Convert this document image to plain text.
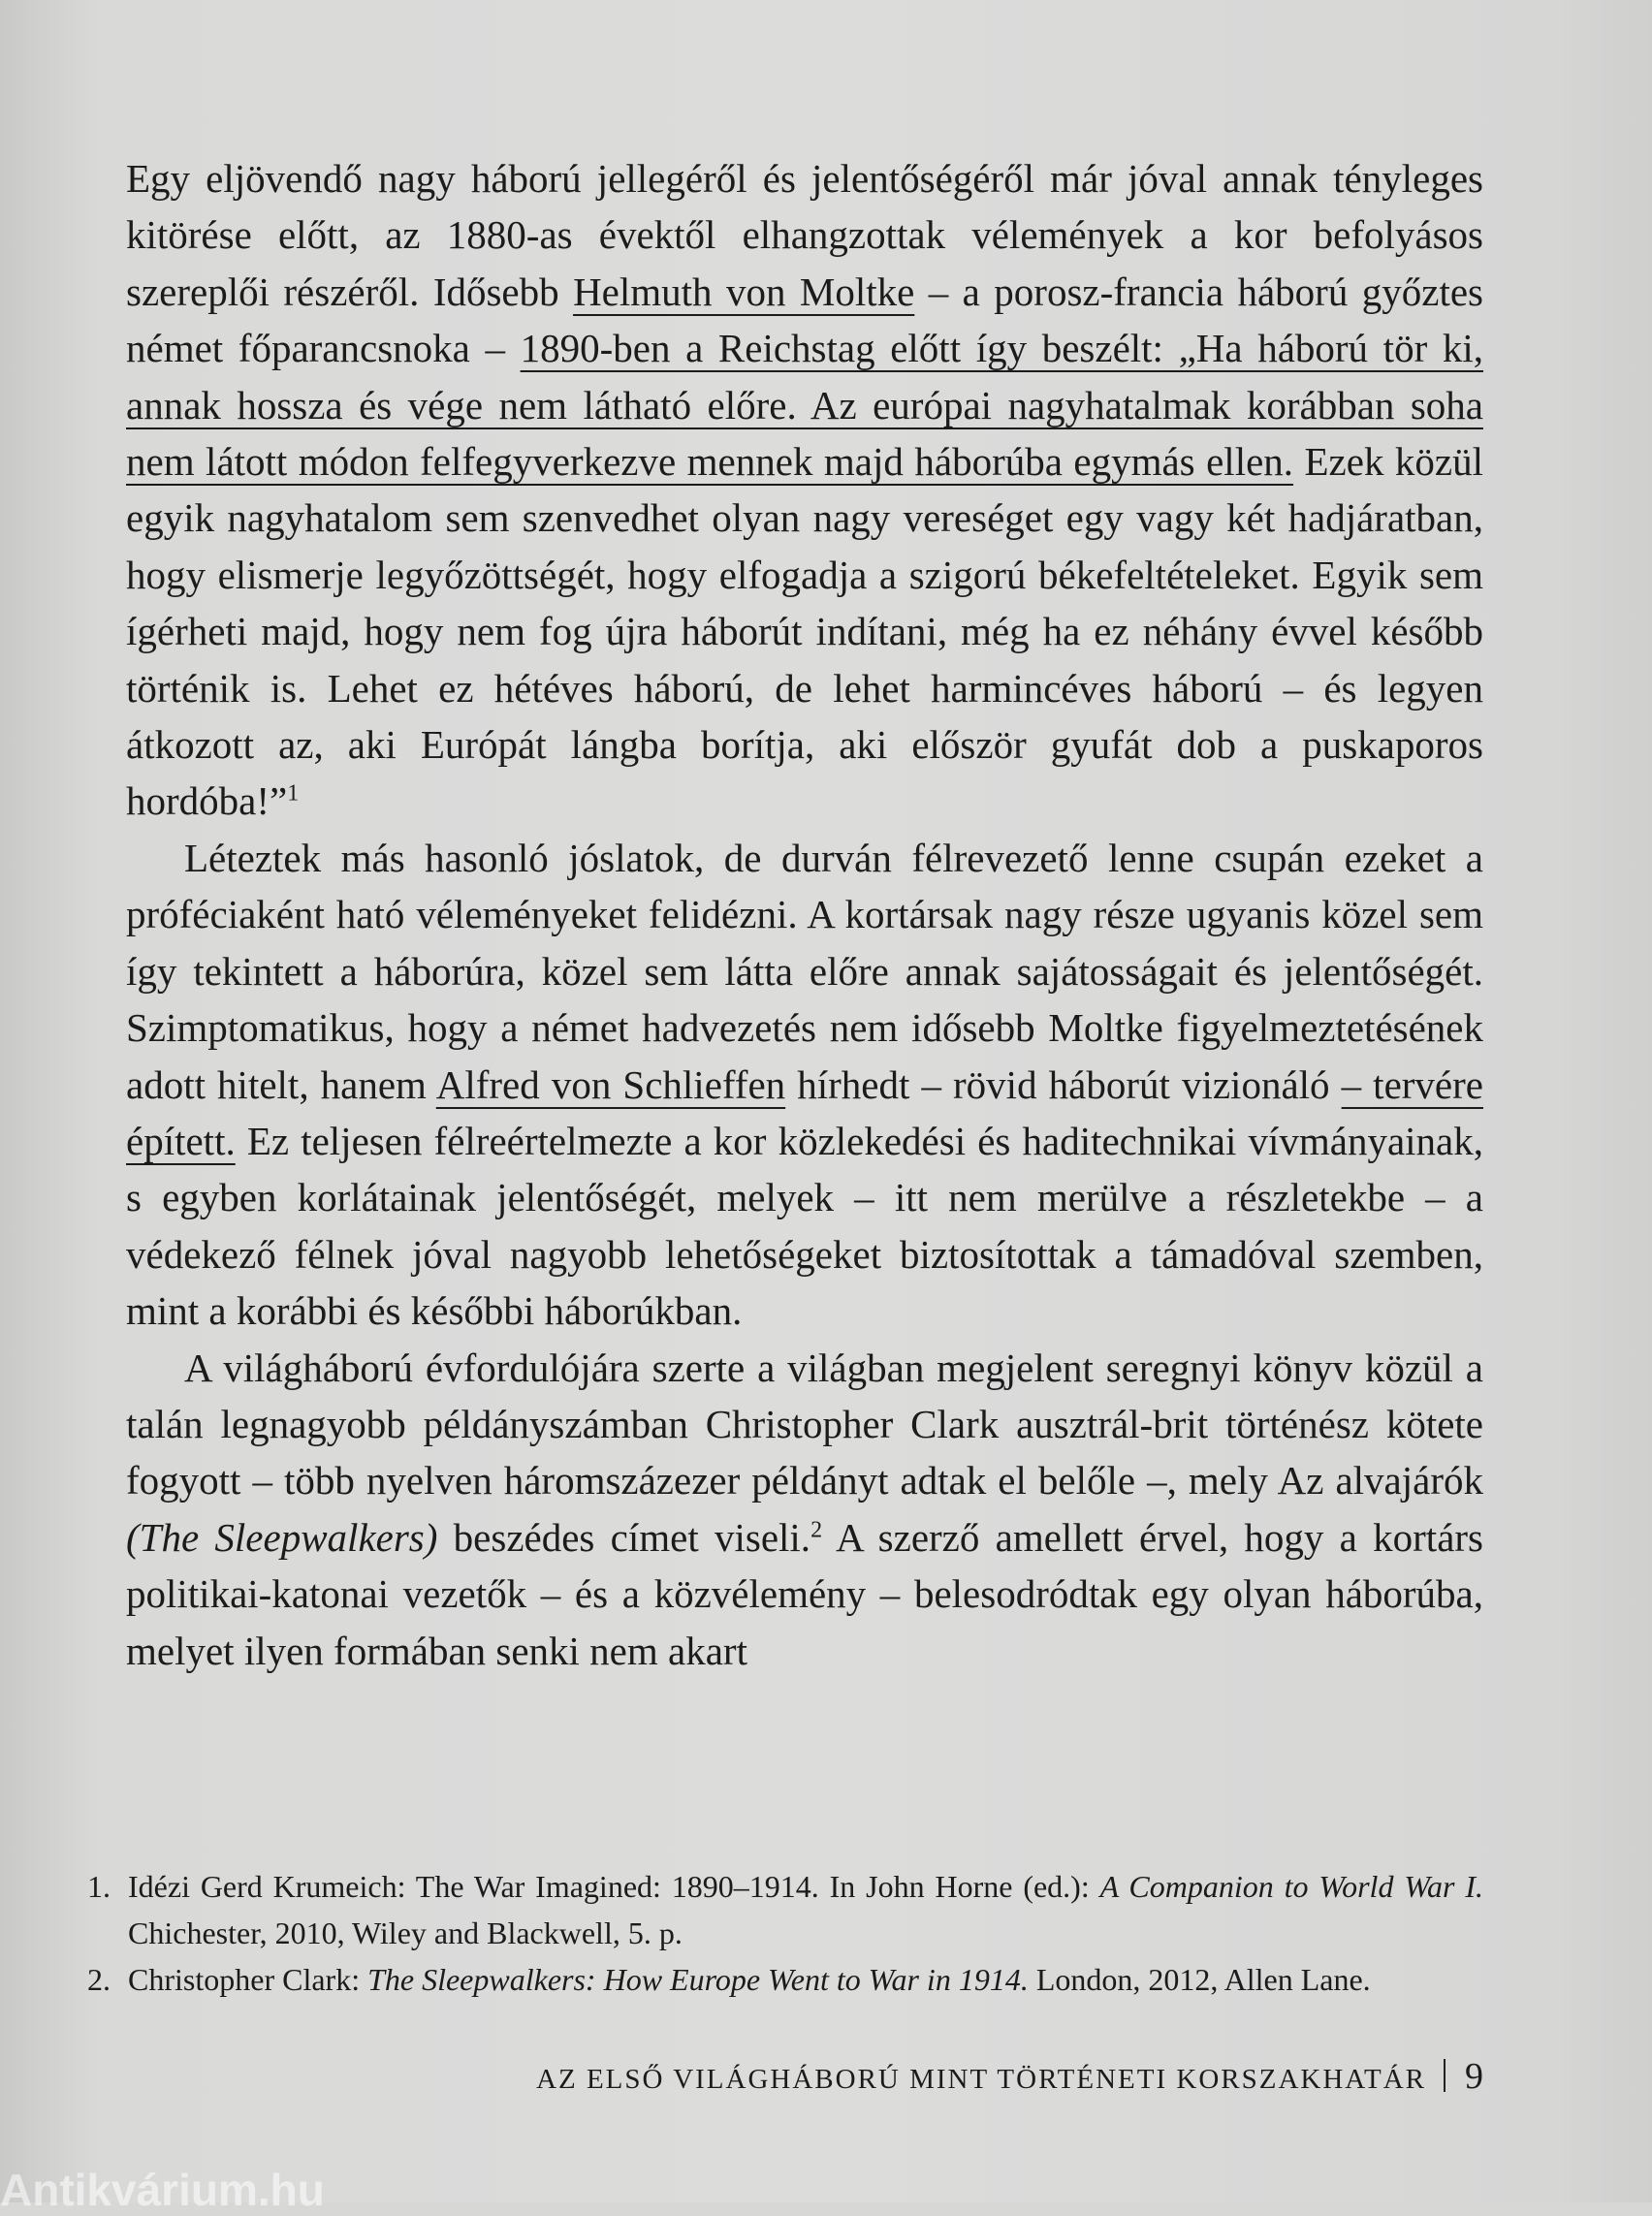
Egy eljövendő nagy háború jellegéről és jelentőségéről már jóval annak tényleges kitörése előtt, az 1880-as évektől elhangzottak vélemények a kor befolyásos szereplői részéről. Idősebb Helmuth von Moltke – a porosz-francia háború győztes német főparancsnoka – 1890-ben a Reichstag előtt így beszélt: „Ha háború tör ki, annak hossza és vége nem látható előre. Az európai nagyhatalmak korábban soha nem látott módon felfegyverkezve mennek majd háborúba egymás ellen. Ezek közül egyik nagyhatalom sem szenvedhet olyan nagy vereséget egy vagy két hadjáratban, hogy elismerje legyőzöttségét, hogy elfogadja a szigorú békefeltételeket. Egyik sem ígérheti majd, hogy nem fog újra háborút indítani, még ha ez néhány évvel később történik is. Lehet ez hétéves háború, de lehet harmincéves háború – és legyen átkozott az, aki Európát lángba borítja, aki először gyufát dob a puskaporos hordóba!”$^1$

Léteztek más hasonló jóslatok, de durván félrevezető lenne csupán ezeket a próféciaként ható véleményeket felidézni. A kortársak nagy része ugyanis közel sem így tekintett a háborúra, közel sem látta előre annak sajátosságait és jelentőségét. Szimptomatikus, hogy a német hadvezetés nem idősebb Moltke figyelmeztetésének adott hitelt, hanem Alfred von Schlieffen hírhedt – rövid háborút vizionáló – tervére épített. Ez teljesen félreértelmezte a kor közlekedési és haditechnikai vívmányainak, s egyben korlátainak jelentőségét, melyek – itt nem merülve a részletekbe – a védekező félnek jóval nagyobb lehetőségeket biztosítottak a támadóval szemben, mint a korábbi és későbbi háborúkban.

A világháború évfordulójára szerte a világban megjelent seregnyi könyv közül a talán legnagyobb példányszámban Christopher Clark ausztrál-brit történész kötete fogyott – több nyelven háromszázezer példányt adtak el belőle –, mely Az alvajárók (The Sleepwalkers) beszédes címet viseli.$^2$ A szerző amellett érvel, hogy a kortárs politikai-katonai vezetők – és a közvélemény – belesodródtak egy olyan háborúba, melyet ilyen formában senki nem akart

1. Idézi Gerd Krumeich: The War Imagined: 1890–1914. In John Horne (ed.): A Companion to World War I. Chichester, 2010, Wiley and Blackwell, 5. p.
2. Christopher Clark: The Sleepwalkers: How Europe Went to War in 1914. London, 2012, Allen Lane.
AZ ELSŐ VILÁGHÁBORÚ MINT TÖRTÉNETI KORSZAKHATÁR 9
Antikvárium.hu
